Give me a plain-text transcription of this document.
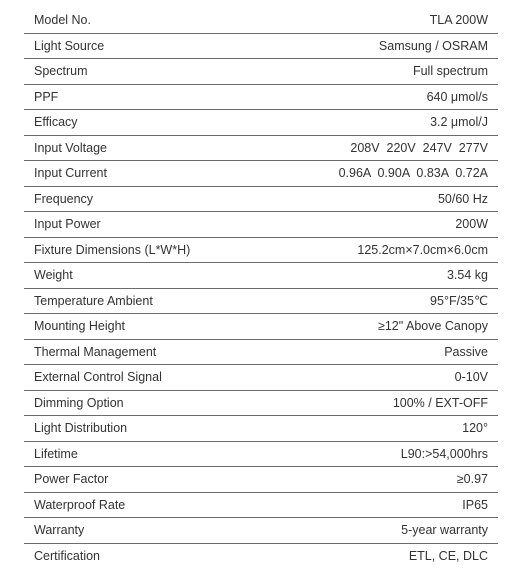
Model No.	TLA 200W
Light Source	Samsung / OSRAM
Spectrum	Full spectrum
PPF	640 μmol/s
Efficacy	3.2 μmol/J
Input Voltage	208V  220V  247V  277V
Input Current	0.96A  0.90A  0.83A  0.72A
Frequency	50/60 Hz
Input Power	200W
Fixture Dimensions (L*W*H)	125.2cm×7.0cm×6.0cm
Weight	3.54 kg
Temperature Ambient	95°F/35℃
Mounting Height	≥12" Above Canopy
Thermal Management	Passive
External Control Signal	0-10V
Dimming Option	100% / EXT-OFF
Light Distribution	120°
Lifetime	L90:>54,000hrs
Power Factor	≥0.97
Waterproof Rate	IP65
Warranty	5-year warranty
Certification	ETL, CE, DLC
